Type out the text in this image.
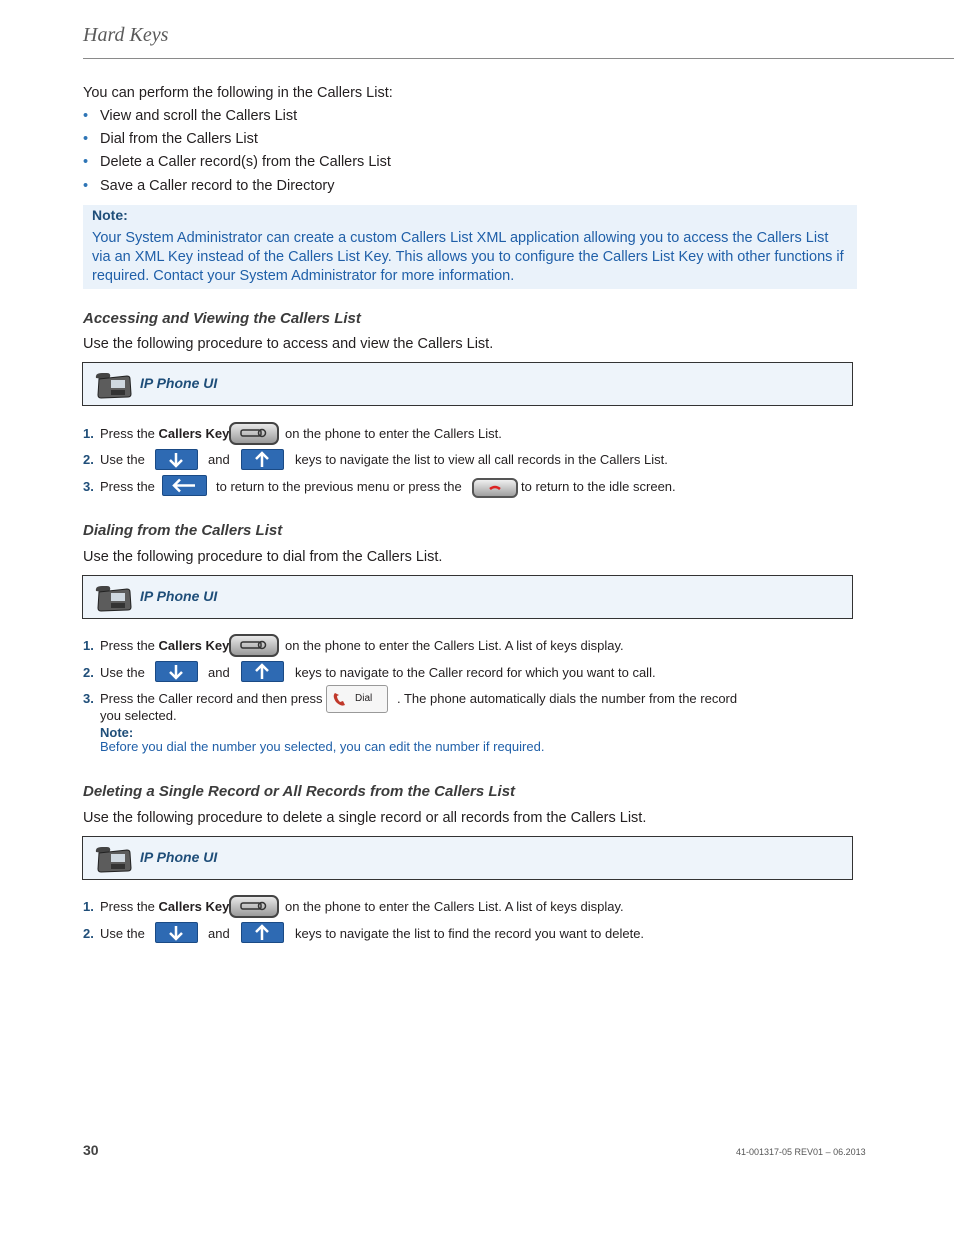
Hard Keys
You can perform the following in the Callers List:
• View and scroll the Callers List
• Dial from the Callers List
• Delete a Caller record(s) from the Callers List
• Save a Caller record to the Directory
Note:
Your System Administrator can create a custom Callers List XML application allowing you to access the Callers List via an XML Key instead of the Callers List Key. This allows you to configure the Callers List Key with other functions if required. Contact your System Administrator for more information.
Accessing and Viewing the Callers List
Use the following procedure to access and view the Callers List.
IP Phone UI
1. Press the Callers Key	on the phone to enter the Callers List.
2. Use the	and	keys to navigate the list to view all call records in the Callers List.
3. Press the	to return to the previous menu or press the	to return to the idle screen.
Dialing from the Callers List
Use the following procedure to dial from the Callers List.
IP Phone UI
1. Press the Callers Key	on the phone to enter the Callers List. A list of keys display.
2. Use the	and	keys to navigate to the Caller record for which you want to call.
3. Press the Caller record and then press	Dial . The phone automatically dials the number from the record
you selected.
Note:
Before you dial the number you selected, you can edit the number if required.
Deleting a Single Record or All Records from the Callers List
Use the following procedure to delete a single record or all records from the Callers List.
IP Phone UI
1. Press the Callers Key	on the phone to enter the Callers List. A list of keys display.
2. Use the	and	keys to navigate the list to find the record you want to delete.
30	41-001317-05 REV01 – 06.2013
